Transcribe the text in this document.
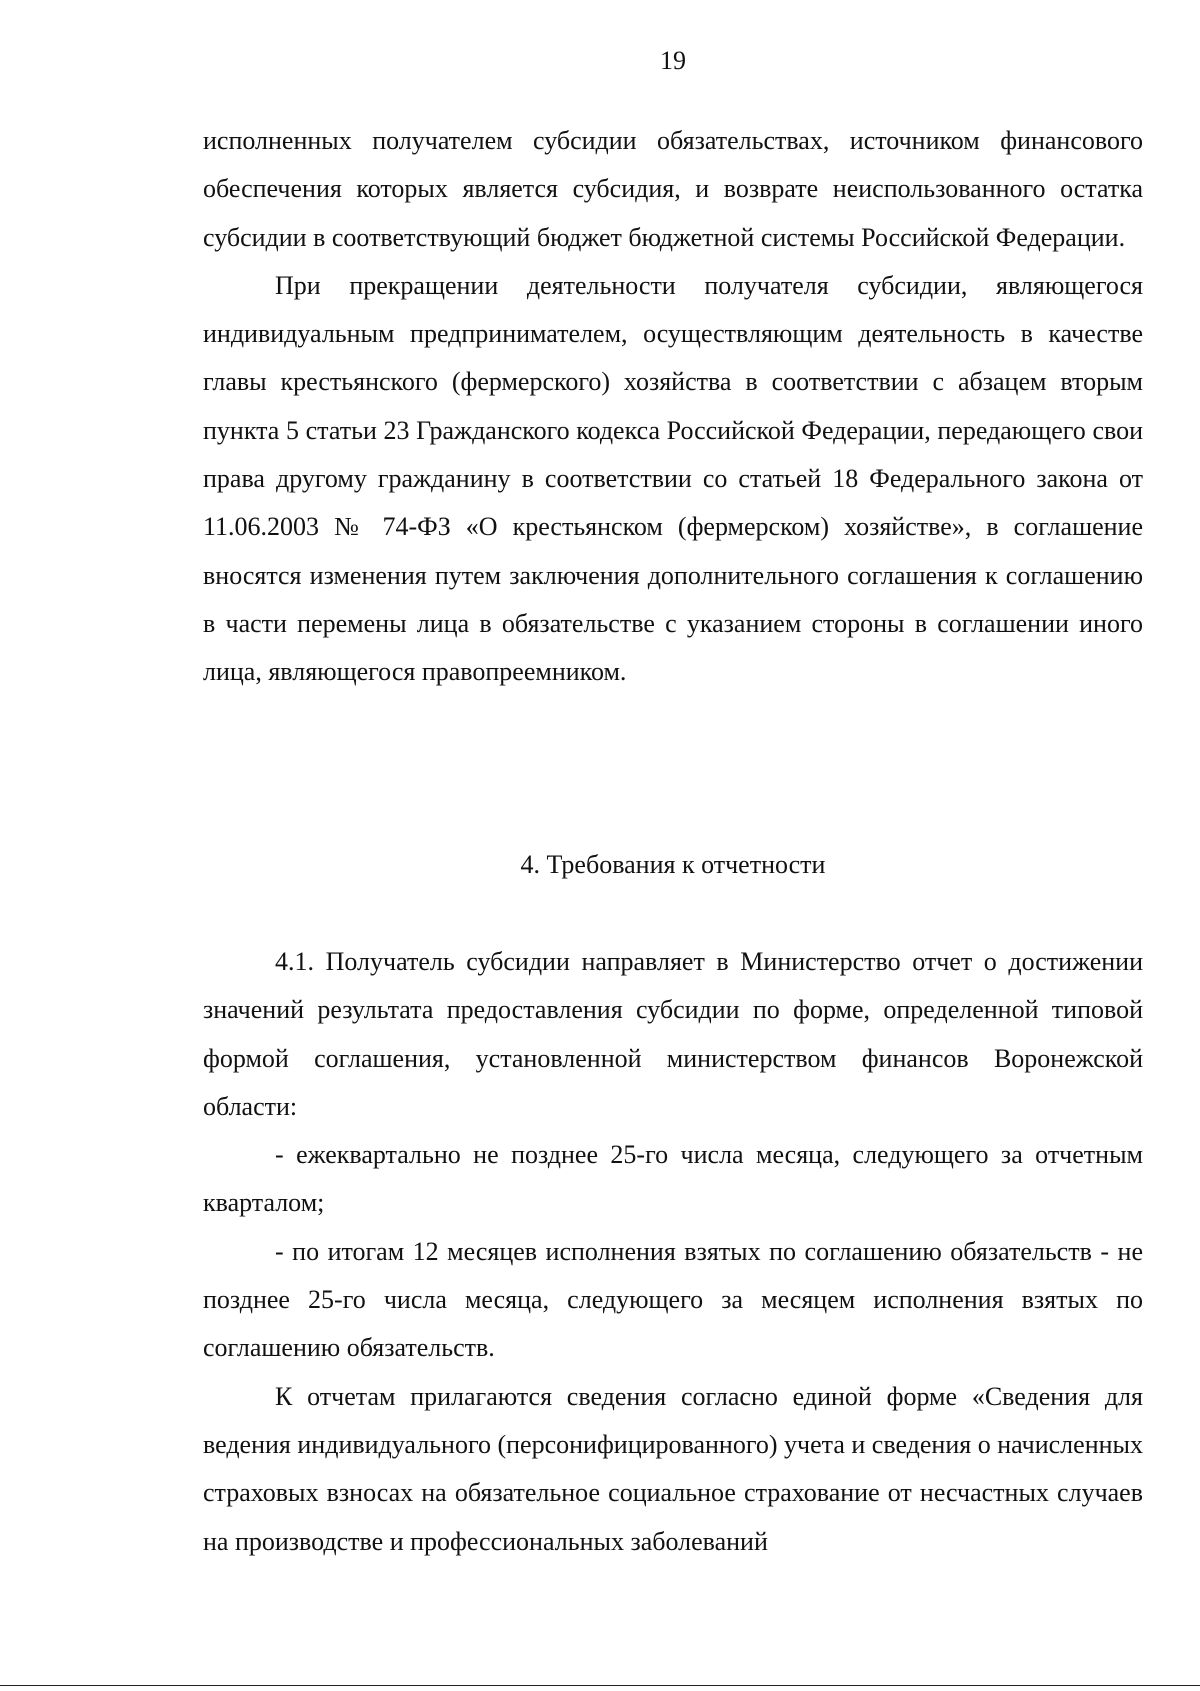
19

исполненных получателем субсидии обязательствах, источником финансового обеспечения которых является субсидия, и возврате неиспользованного остатка субсидии в соответствующий бюджет бюджетной системы Российской Федерации.

При прекращении деятельности получателя субсидии, являющегося индивидуальным предпринимателем, осуществляющим деятельность в качестве главы крестьянского (фермерского) хозяйства в соответствии с абзацем вторым пункта 5 статьи 23 Гражданского кодекса Российской Федерации, передающего свои права другому гражданину в соответствии со статьей 18 Федерального закона от 11.06.2003 № 74-ФЗ «О крестьянском (фермерском) хозяйстве», в соглашение вносятся изменения путем заключения дополнительного соглашения к соглашению в части перемены лица в обязательстве с указанием стороны в соглашении иного лица, являющегося правопреемником.

4. Требования к отчетности

4.1. Получатель субсидии направляет в Министерство отчет о достижении значений результата предоставления субсидии по форме, определенной типовой формой соглашения, установленной министерством финансов Воронежской области:

- ежеквартально не позднее 25-го числа месяца, следующего за отчетным кварталом;

- по итогам 12 месяцев исполнения взятых по соглашению обязательств - не позднее 25-го числа месяца, следующего за месяцем исполнения взятых по соглашению обязательств.

К отчетам прилагаются сведения согласно единой форме «Сведения для ведения индивидуального (персонифицированного) учета и сведения о начисленных страховых взносах на обязательное социальное страхование от несчастных случаев на производстве и профессиональных заболеваний
